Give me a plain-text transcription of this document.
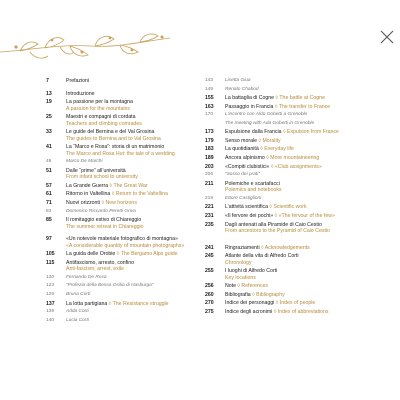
7	Prefazioni
13	Introduzione
19	La passione per la montagna
A passion for the mountains
25	Maestri e compagni di cordata
Teachers and climbing comrades
33	Le guide del Bernina e del Val Grosina
The guides to Bernina and to Val Grosina
41	La “Marco e Rosa”: storia di un matrimonio
The Marco and Rosa Hut: the tale of a wedding
49	Marco De Marchi
51	Dalle “prime” all’università
From infant school to university
57	La Grande Guerra ◊ The Great War
61	Ritorno in Valtellina ◊ Return to the Valtellina
71	Nuovi orizzonti ◊ New horizons
83	Domenico Riccardo Peretti Griva
85	Il romitaggio estivo di Chiareggio
The summer retreat in Chiareggio
97	«Un notevole materiale fotografico di montagna»
«A considerable quantity of mountain photographs»
105	La guida delle Orobie ◊ The Bergamo Alps guide
115	Antifascismo, arresto, confino
Anti-fascism, arrest, exile
120	Fernando De Rosa
123	“Profezia della Bessa Osilia di Hasburga”
125	Bruna Corti
137	La lotta partigiana ◊ The Resistance struggle
139	Adda Corti
140	Lucia Corti
143	Lisetta Giua
149	Renato Chabod
155	La battaglia di Cogne ◊ The battle at Cogne
163	Passaggio in Francia ◊ The transfer to France
170	L’incontro con Aldo Gobetti a Grenoble
The meeting with Ada Gobetti in Grenoble
173	Espulsione dalla Francia ◊ Expulsion from France
179	Senso morale ◊ Morality
183	La quotidianità ◊ Everyday life
189	Ancora alpinismo ◊ More mountaineering
203	«Compiti clubistici» ◊ «Club assignments»
206	“Sosso dei prati”
211	Polemiche e scartafacci
Polemics and notebooks
219	Ettore Castiglioni
221	L’attività scientifica ◊ Scientific work
231	«Il fervore dei pochi» ◊ «The fervour of the few»
235	Dagli antenati alla Piramide di Caio Cestio
From ancestors to the Pyramid of Caio Cestio
241	Ringraziamenti ◊ Acknowledgements
245	Atlante della vita di Alfredo Corti
Chronology
255	I luoghi di Alfredo Corti
Key locations
256	Note ◊ References
260	Bibliografia ◊ Bibliography
270	Indice dei personaggi ◊ Index of people
275	Indice degli acronimi ◊ Index of abbreviations
